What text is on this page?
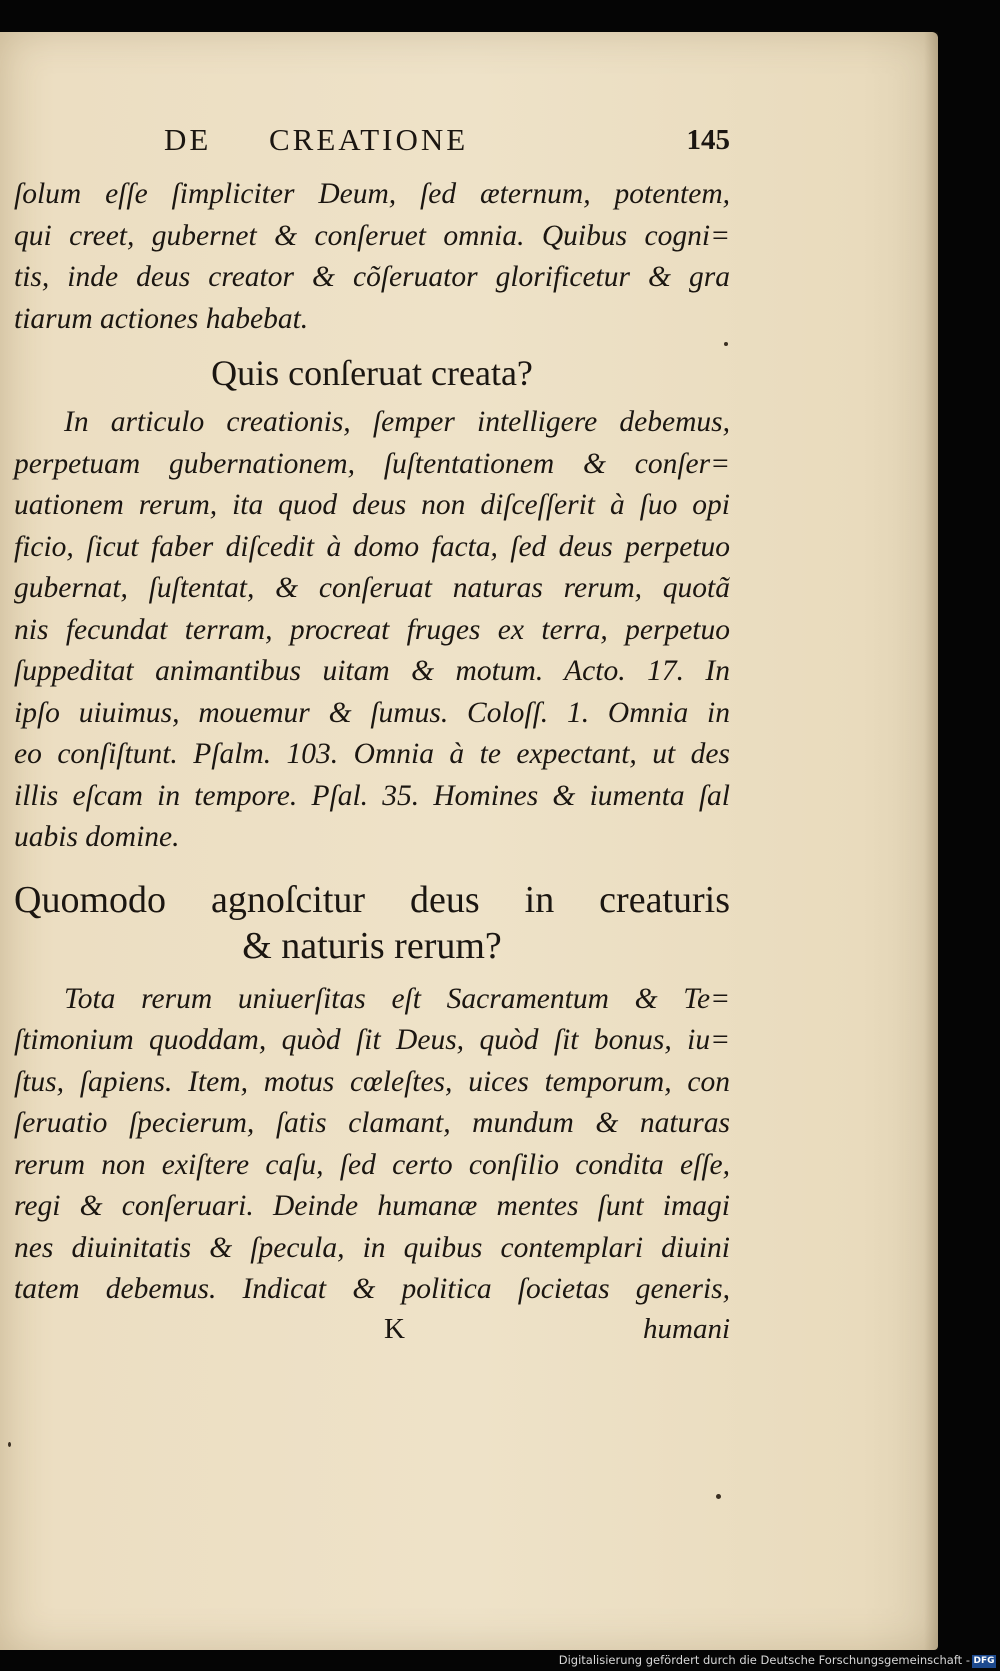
DE CREATIONE	145
ſolum eſſe ſimpliciter Deum, ſed æternum, potentem,
qui creet, gubernet & conſeruet omnia. Quibus cogni=
tis, inde deus creator & cõſeruator glorificetur & gra
tiarum actiones habebat.
Quis conſeruat creata?
In articulo creationis, ſemper intelligere debemus,
perpetuam gubernationem, ſuſtentationem & conſer=
uationem rerum, ita quod deus non diſceſſerit à ſuo opi
ficio, ſicut faber diſcedit à domo facta, ſed deus perpetuo
gubernat, ſuſtentat, & conſeruat naturas rerum, quotã
nis fecundat terram, procreat fruges ex terra, perpetuo
ſuppeditat animantibus uitam & motum. Acto. 17. In
ipſo uiuimus, mouemur & ſumus. Coloſſ. 1. Omnia in
eo conſiſtunt. Pſalm. 103. Omnia à te expectant, ut des
illis eſcam in tempore. Pſal. 35. Homines & iumenta ſal
uabis domine.
Quomodo agnoſcitur deus in creaturis
& naturis rerum?
Tota rerum uniuerſitas eſt Sacramentum & Te=
ſtimonium quoddam, quòd ſit Deus, quòd ſit bonus, iu=
ſtus, ſapiens. Item, motus cœleſtes, uices temporum, con
ſeruatio ſpecierum, ſatis clamant, mundum & naturas
rerum non exiſtere caſu, ſed certo conſilio condita eſſe,
regi & conſeruari. Deinde humanæ mentes ſunt imagi
nes diuinitatis & ſpecula, in quibus contemplari diuini
tatem debemus. Indicat & politica ſocietas generis,
K	humani
Digitalisierung gefördert durch die Deutsche Forschungsgemeinschaft - DFG
